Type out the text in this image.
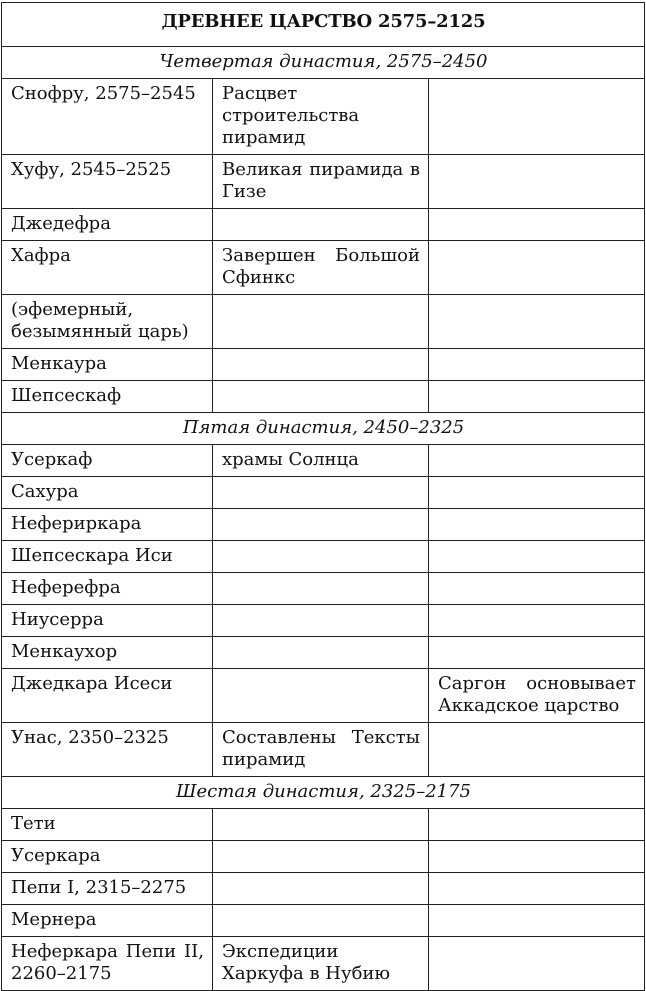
ДРЕВНЕЕ ЦАРСТВО 2575–2125		
Четвертая династия, 2575–2450		
Снофру, 2575–2545	Расцвет строительства пирамид	
Хуфу, 2545–2525	Великая пирамида в Гизе	
Джедефра		
Хафра	Завершен Большой Сфинкс	
(эфемерный, безымянный царь)		
Менкаура		
Шепсескаф		
Пятая династия, 2450–2325		
Усеркаф	храмы Солнца	
Сахура		
Нефериркара		
Шепсескара Иси		
Неферефра		
Ниусерра		
Менкаухор		
Джедкара Исеси		Саргон основывает Аккадское царство
Унас, 2350–2325	Составлены Тексты пирамид	
Шестая династия, 2325–2175		
Тети		
Усеркара		
Пепи I, 2315–2275		
Мернера		
Неферкара Пепи II, 2260–2175	Экспедиции Харкуфа в Нубию	
